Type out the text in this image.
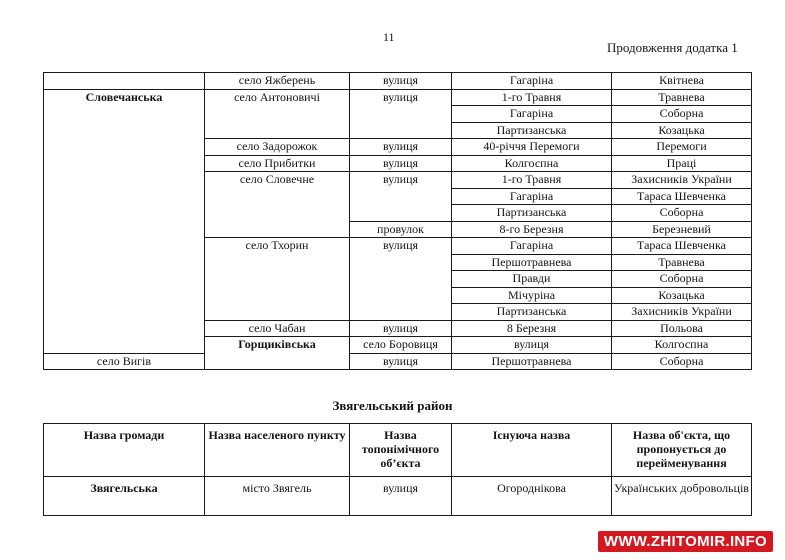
11
Продовження додатка 1
	село Яжберень	вулиця	Гагаріна	Квітнева	
Словечанська	село Антоновичі	вулиця	1-го Травня	Травнева	
			Гагаріна	Соборна	
			Партизанська	Козацька	
	село Задорожок	вулиця	40-річчя Перемоги	Перемоги	
	село Прибитки	вулиця	Колгоспна	Праці	
	село Словечне	вулиця	1-го Травня	Захисників України	
			Гагаріна	Тараса Шевченка	
			Партизанська	Соборна	
		провулок	8-го Березня	Березневий	
	село Тхорин	вулиця	Гагаріна	Тараса Шевченка	
			Першотравнева	Травнева	
			Правди	Соборна	
			Мічуріна	Козацька	
			Партизанська	Захисників України	
	село Чабан	вулиця	8 Березня	Польова	
	Горщиківська	село Боровиця	вулиця	Колгоспна	
село Вигів		вулиця	Першотравнева	Соборна	
Звягельський район
Назва громади	Назва населеного пункту	Назва топонімічного об’єкта	Існуюча назва	Назва об'єкта, що пропонується до перейменування
Звягельська	місто Звягель	вулиця	Огороднікова	Українських добровольців
WWW.ZHITOMIR.INFO
